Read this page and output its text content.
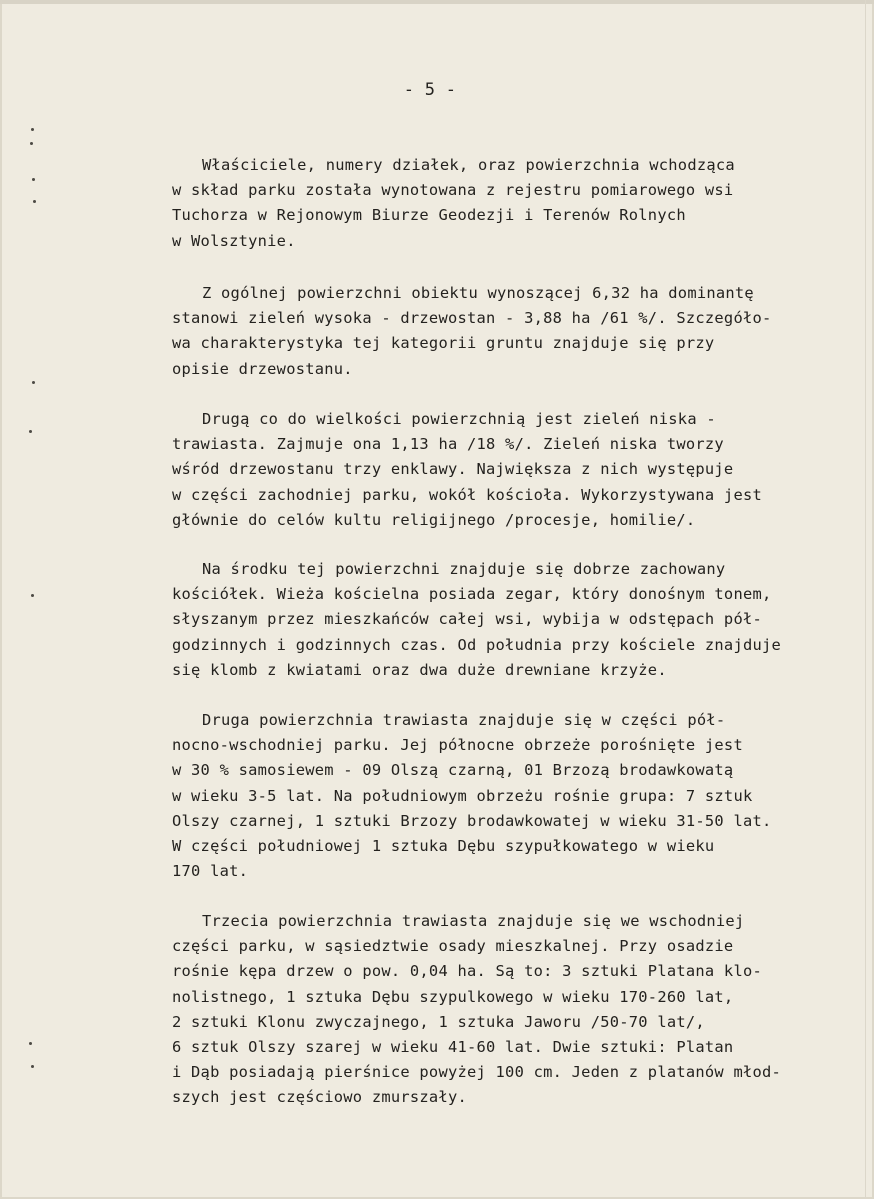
- 5 -
Właściciele, numery działek, oraz powierzchnia wchodząca
w skład parku została wynotowana z rejestru pomiarowego wsi
Tuchorza w Rejonowym Biurze Geodezji i Terenów Rolnych
w Wolsztynie.
Z ogólnej powierzchni obiektu wynoszącej 6,32 ha dominantę
stanowi zieleń wysoka - drzewostan - 3,88 ha /61 %/. Szczegóło-
wa charakterystyka tej kategorii gruntu znajduje się przy
opisie drzewostanu.
Drugą co do wielkości powierzchnią jest zieleń niska -
trawiasta. Zajmuje ona 1,13 ha /18 %/. Zieleń niska tworzy
wśród drzewostanu trzy enklawy. Największa z nich występuje
w części zachodniej parku, wokół kościoła. Wykorzystywana jest
głównie do celów kultu religijnego /procesje, homilie/.
Na środku tej powierzchni znajduje się dobrze zachowany
kościółek. Wieża kościelna posiada zegar, który donośnym tonem,
słyszanym przez mieszkańców całej wsi, wybija w odstępach pół-
godzinnych i godzinnych czas. Od południa przy kościele znajduje
się klomb z kwiatami oraz dwa duże drewniane krzyże.
Druga powierzchnia trawiasta znajduje się w części pół-
nocno-wschodniej parku. Jej północne obrzeże porośnięte jest
w 30 % samosiewem - 09 Olszą czarną, 01 Brzozą brodawkowatą
w wieku 3-5 lat. Na południowym obrzeżu rośnie grupa: 7 sztuk
Olszy czarnej, 1 sztuki Brzozy brodawkowatej w wieku 31-50 lat.
W części południowej 1 sztuka Dębu szypułkowatego w wieku
170 lat.
Trzecia powierzchnia trawiasta znajduje się we wschodniej
części parku, w sąsiedztwie osady mieszkalnej. Przy osadzie
rośnie kępa drzew o pow. 0,04 ha. Są to: 3 sztuki Platana klo-
nolistnego, 1 sztuka Dębu szypulkowego w wieku 170-260 lat,
2 sztuki Klonu zwyczajnego, 1 sztuka Jaworu /50-70 lat/,
6 sztuk Olszy szarej w wieku 41-60 lat. Dwie sztuki: Platan
i Dąb posiadają pierśnice powyżej 100 cm. Jeden z platanów młod-
szych jest częściowo zmurszały.
